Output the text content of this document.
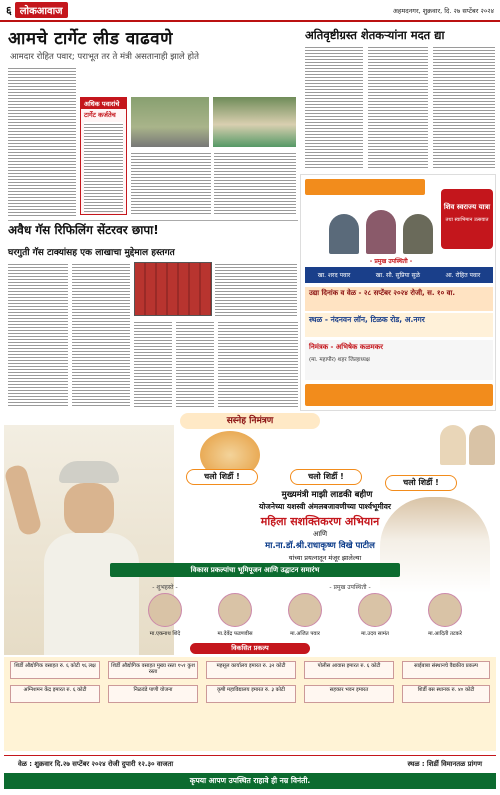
६ लोकआवाज	अहमदनगर, शुक्रवार, दि. २७ सप्टेंबर २०२४
आमचे टार्गेट लीड वाढवणे
आमदार रोहित पवार; पराभूत तर ते मंत्री असतानाही झाले होते
अधिक पवारांचे
टार्गेट कर्जतेच
अतिवृष्टीग्रस्त शेतकऱ्यांना मदत द्या
शिव स्वराज्य यात्रा
तथा स्वाभिमान उत्सवात
- प्रमुख उपस्थिती -
खा. शरद पवार	खा. सौ. सुप्रिया सुळे	आ. रोहित पवार
उद्या दिनांक व वेळ - २८ सप्टेंबर २०२४ रोजी, स. १० वा.
स्थळ - नंदनवन लॉन, टिळक रोड, अ.नगर
निमंत्रक - अभिषेक कळमकर
(मा. महापौर) शहर जिल्हाध्यक्ष
अवैध गॅस रिफिलिंग सेंटरवर छापा!
घरगुती गॅस टाक्यांसह एक लाखाचा मुद्देमाल हस्तगत
सस्नेह निमंत्रण
चलो शिर्डी !	चलो शिर्डी !
चलो शिर्डी !
मुख्यमंत्री माझी लाडकी बहीण
योजनेच्या यशस्वी अंमलबजावणीच्या पार्श्वभूमीवर
महिला सशक्तिकरण अभियान
आणि
मा.ना.डॉ.श्री.राधाकृष्ण विखे पाटील
यांच्या प्रयत्नातून मंजूर झालेल्या
विकास प्रकल्पांचा भूमिपूजन आणि उद्घाटन समारंभ
- शुभहस्ते -	- प्रमुख उपस्थिती -
मा.एकनाथ शिंदे	मा.देवेंद्र फडणवीस	मा.अजित पवार	मा.उदय सामंत	मा.आदिती तटकरे
विकसित प्रकल्प
शिर्डी औद्योगिक वसाहत रु. ६ कोटी ९६ लक्ष	शिर्डी औद्योगिक वसाहत मुख्य रस्ता १५१ कुश रस्ता
महसूल कार्यालय इमारत रु. ३२ कोटी	पोलीस आवास इमारत रु. ६ कोटी	साईबाबा संस्थानचे वैद्यकीय प्रकल्प
अग्निशमन केंद्र इमारत रु. ६ कोटी	निळवंडे पाणी योजना	कृषी महाविद्यालय इमारत रु. ३ कोटी	सहकार भवन इमारत	शिर्डी बस स्थानक रु. ४० कोटी
वेळ : शुक्रवार दि.२७ सप्टेंबर २०२४ रोजी दुपारी १२.३० वाजता	स्थळ : शिर्डी विमानतळ प्रांगण
कृपया आपण उपस्थित राहावे ही नम्र विनंती.
